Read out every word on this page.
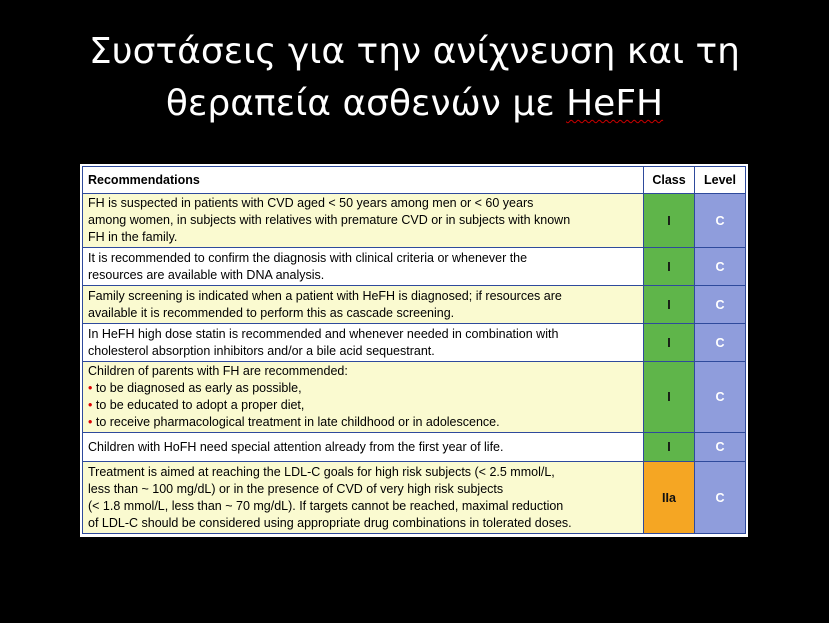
Συστάσεις για την ανίχνευση και τη
θεραπεία ασθενών με HeFH
Recommendations	Class	Level

FH is suspected in patients with CVD aged < 50 years among men or < 60 years
among women, in subjects with relatives with premature CVD or in subjects with known
FH in the family.	I	C

It is recommended to confirm the diagnosis with clinical criteria or whenever the
resources are available with DNA analysis.	I	C

Family screening is indicated when a patient with HeFH is diagnosed; if resources are
available it is recommended to perform this as cascade screening.	I	C

In HeFH high dose statin is recommended and whenever needed in combination with
cholesterol absorption inhibitors and/or a bile acid sequestrant.	I	C

Children of parents with FH are recommended:
• to be diagnosed as early as possible,
• to be educated to adopt a proper diet,
• to receive pharmacological treatment in late childhood or in adolescence.	I	C

Children with HoFH need special attention already from the first year of life.	I	C

Treatment is aimed at reaching the LDL-C goals for high risk subjects (< 2.5 mmol/L,
less than ~ 100 mg/dL) or in the presence of CVD of very high risk subjects
(< 1.8 mmol/L, less than ~ 70 mg/dL). If targets cannot be reached, maximal reduction
of LDL-C should be considered using appropriate drug combinations in tolerated doses.	IIa	C
